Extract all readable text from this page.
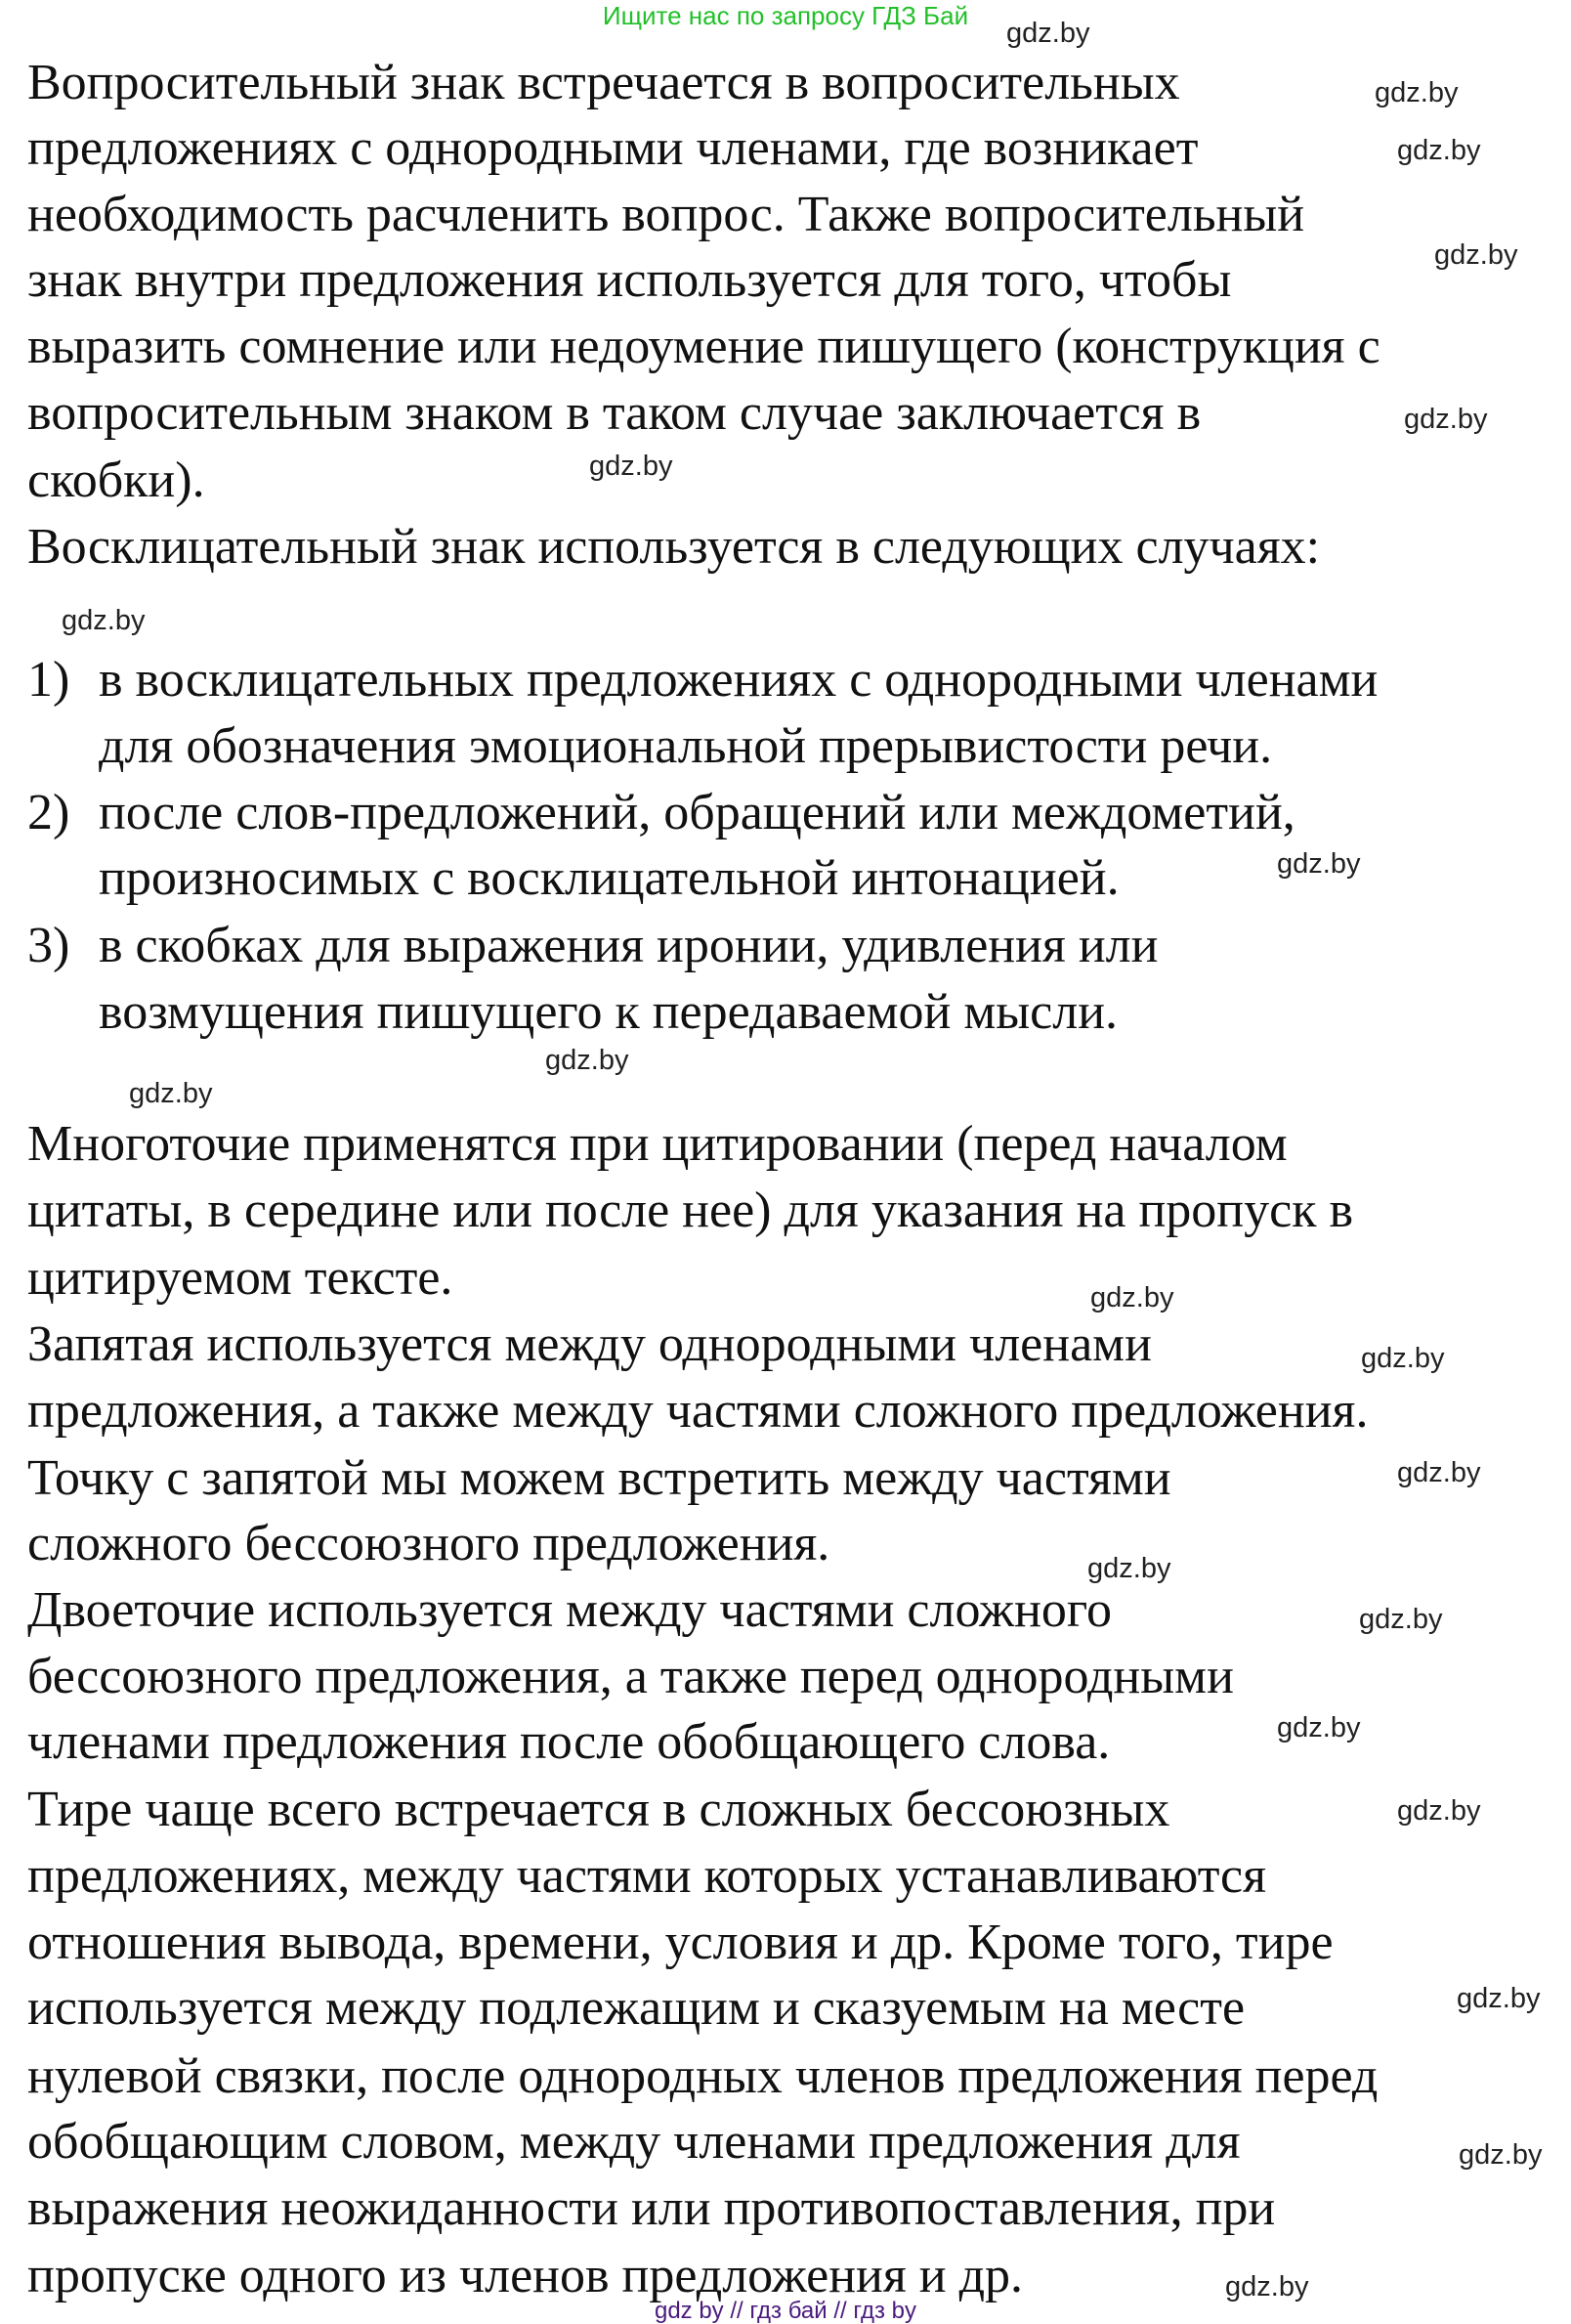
Ищите нас по запросу ГДЗ Бай
Вопросительный знак встречается в вопросительных
предложениях с однородными членами, где возникает
необходимость расчленить вопрос. Также вопросительный
знак внутри предложения используется для того, чтобы
выразить сомнение или недоумение пишущего (конструкция с
вопросительным знаком в таком случае заключается в
скобки).
Восклицательный знак используется в следующих случаях:
1) в восклицательных предложениях с однородными членами
для обозначения эмоциональной прерывистости речи.
2) после слов-предложений, обращений или междометий,
произносимых с восклицательной интонацией.
3) в скобках для выражения иронии, удивления или
возмущения пишущего к передаваемой мысли.
Многоточие применятся при цитировании (перед началом
цитаты, в середине или после нее) для указания на пропуск в
цитируемом тексте.
Запятая используется между однородными членами
предложения, а также между частями сложного предложения.
Точку с запятой мы можем встретить между частями
сложного бессоюзного предложения.
Двоеточие используется между частями сложного
бессоюзного предложения, а также перед однородными
членами предложения после обобщающего слова.
Тире чаще всего встречается в сложных бессоюзных
предложениях, между частями которых устанавливаются
отношения вывода, времени, условия и др. Кроме того, тире
используется между подлежащим и сказуемым на месте
нулевой связки, после однородных членов предложения перед
обобщающим словом, между членами предложения для
выражения неожиданности или противопоставления, при
пропуске одного из членов предложения и др.
gdz.by
gdz.by
gdz.by
gdz.by
gdz.by
gdz.by
gdz.by
gdz.by
gdz.by
gdz.by
gdz.by
gdz.by
gdz.by
gdz.by
gdz.by
gdz.by
gdz.by
gdz.by
gdz.by
gdz.by
gdz by // гдз бай // гдз by
